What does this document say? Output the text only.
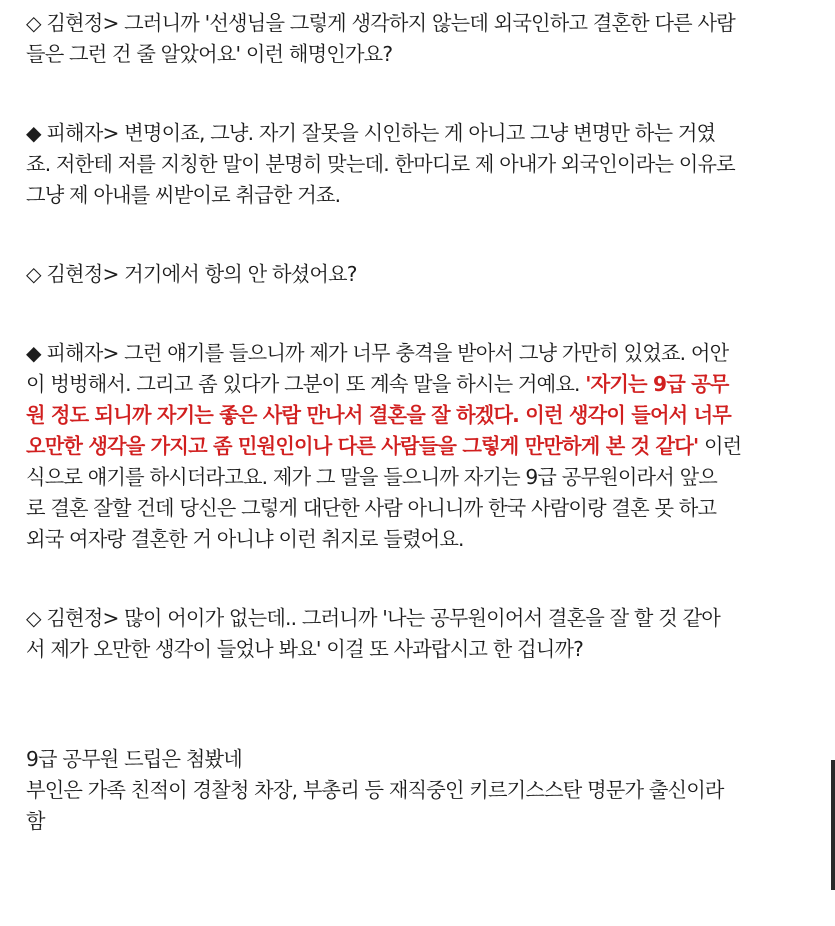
◇ 김현정> 그러니까 '선생님을 그렇게 생각하지 않는데 외국인하고 결혼한 다른 사람
들은 그런 건 줄 알았어요' 이런 해명인가요?

◆ 피해자> 변명이죠, 그냥. 자기 잘못을 시인하는 게 아니고 그냥 변명만 하는 거였
죠. 저한테 저를 지칭한 말이 분명히 맞는데. 한마디로 제 아내가 외국인이라는 이유로
그냥 제 아내를 씨받이로 취급한 거죠.

◇ 김현정> 거기에서 항의 안 하셨어요?

◆ 피해자> 그런 얘기를 들으니까 제가 너무 충격을 받아서 그냥 가만히 있었죠. 어안
이 벙벙해서. 그리고 좀 있다가 그분이 또 계속 말을 하시는 거예요. '자기는 9급 공무
원 정도 되니까 자기는 좋은 사람 만나서 결혼을 잘 하겠다. 이런 생각이 들어서 너무
오만한 생각을 가지고 좀 민원인이나 다른 사람들을 그렇게 만만하게 본 것 같다' 이런
식으로 얘기를 하시더라고요. 제가 그 말을 들으니까 자기는 9급 공무원이라서 앞으
로 결혼 잘할 건데 당신은 그렇게 대단한 사람 아니니까 한국 사람이랑 결혼 못 하고
외국 여자랑 결혼한 거 아니냐 이런 취지로 들렸어요.

◇ 김현정> 많이 어이가 없는데.. 그러니까 '나는 공무원이어서 결혼을 잘 할 것 같아
서 제가 오만한 생각이 들었나 봐요' 이걸 또 사과랍시고 한 겁니까?

9급 공무원 드립은 첨봤네
부인은 가족 친적이 경찰청 차장, 부총리 등 재직중인 키르기스스탄 명문가 출신이라
함
